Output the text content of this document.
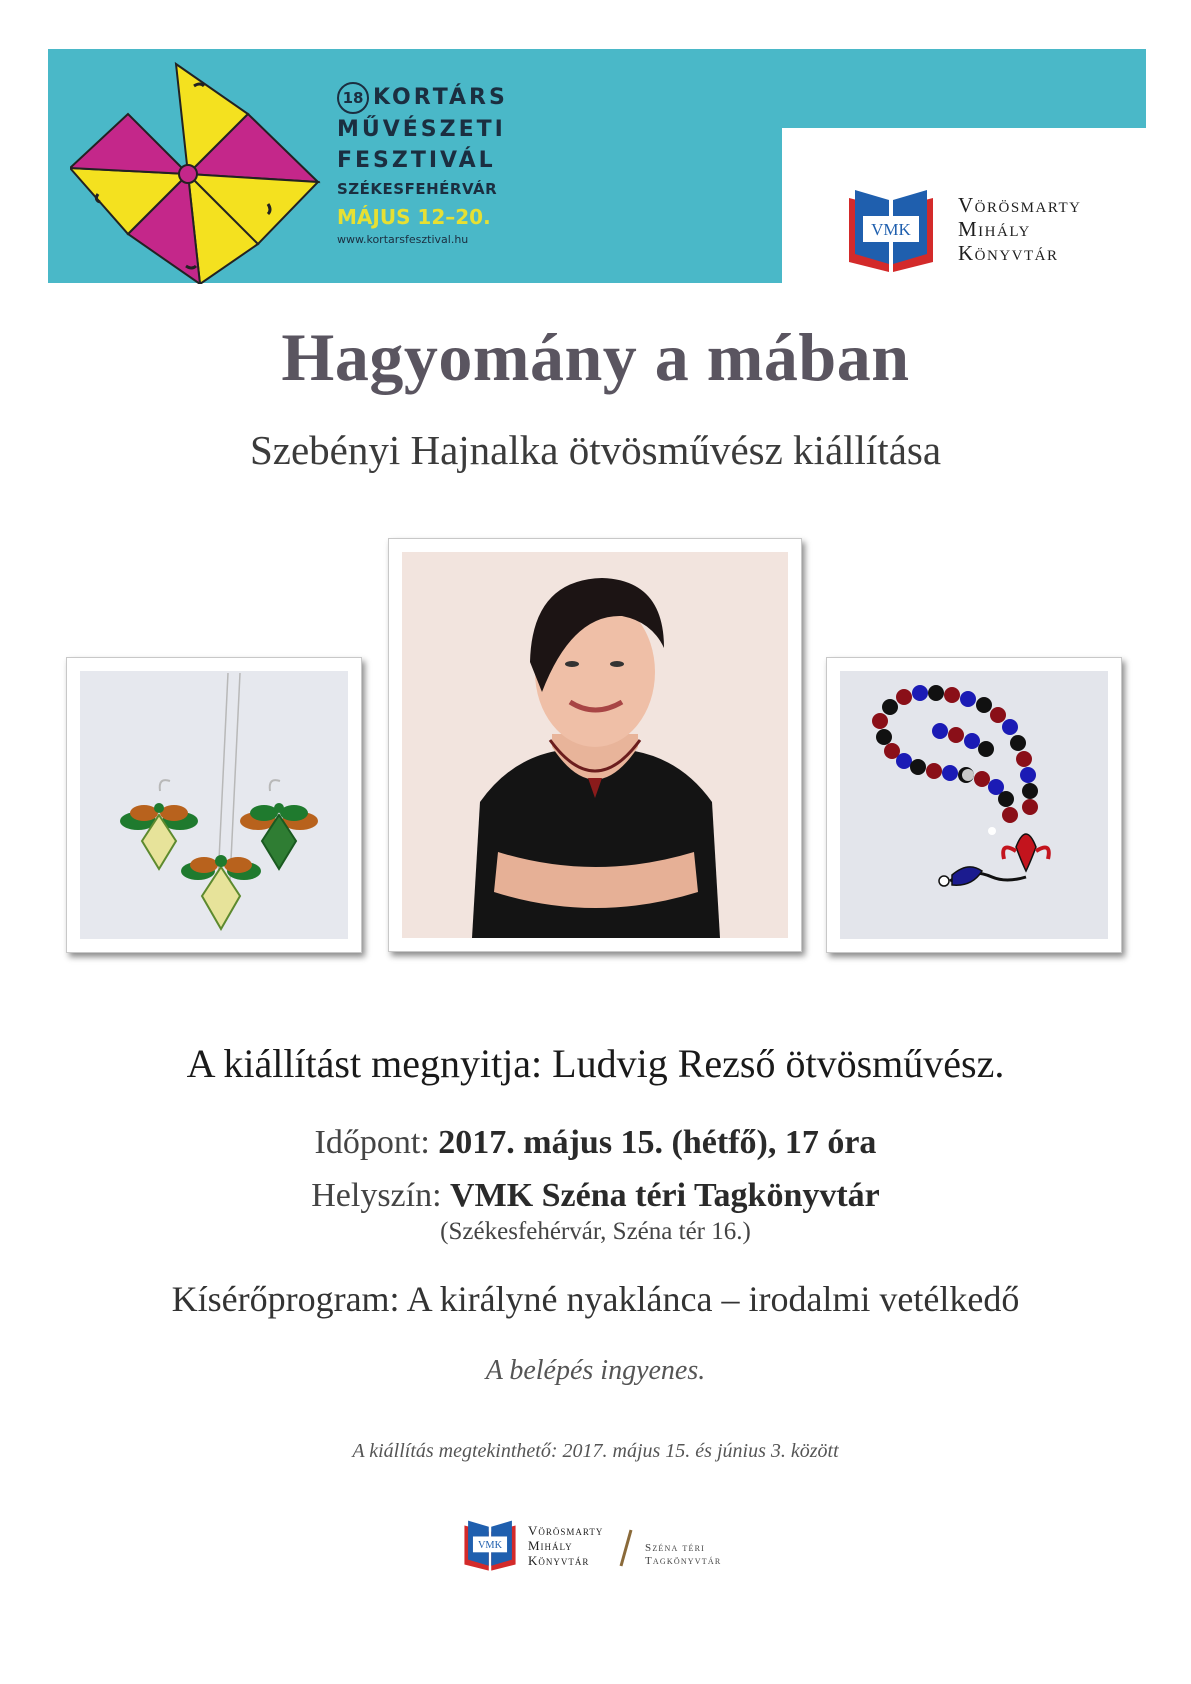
18 KORTÁRS
MŰVÉSZETI
FESZTIVÁL
SZÉKESFEHÉRVÁR
MÁJUS 12–20.
www.kortarsfesztival.hu
VMK
Vörösmarty
Mihály
Könyvtár
Hagyomány a mában
Szebényi Hajnalka ötvösművész kiállítása
A kiállítást megnyitja: Ludvig Rezső ötvösművész.
Időpont: 2017. május 15. (hétfő), 17 óra
Helyszín: VMK Széna téri Tagkönyvtár
(Székesfehérvár, Széna tér 16.)
Kísérőprogram: A királyné nyaklánca – irodalmi vetélkedő
A belépés ingyenes.
A kiállítás megtekinthető: 2017. május 15. és június 3. között
VMK
Vörösmarty
Mihály
Könyvtár
Széna téri
Tagkönyvtár
